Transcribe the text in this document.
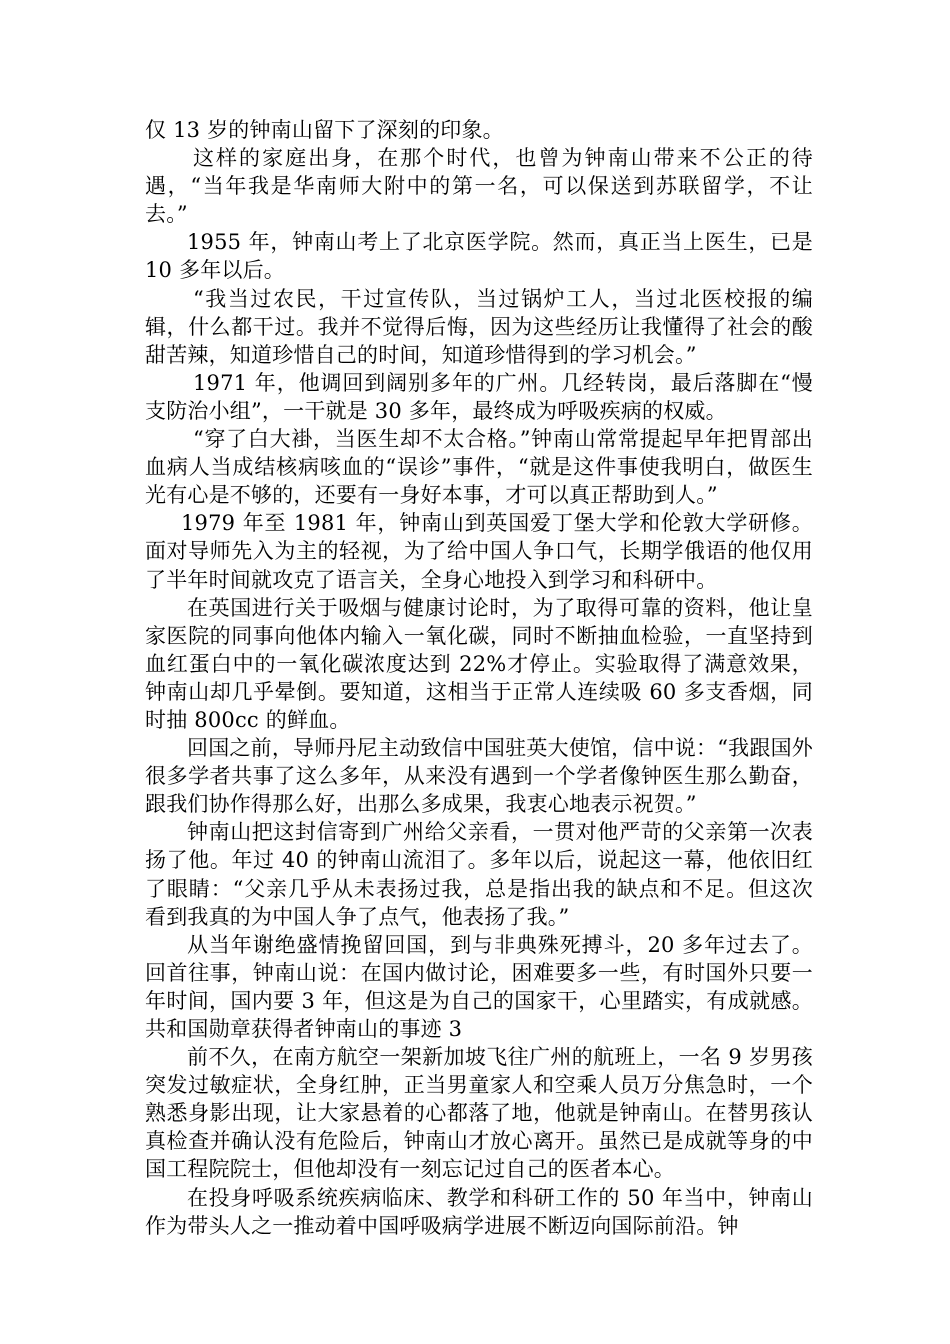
仅 13 岁的钟南山留下了深刻的印象。

这样的家庭出身，在那个时代，也曾为钟南山带来不公正的待遇，“当年我是华南师大附中的第一名，可以保送到苏联留学，不让去。”

1955 年，钟南山考上了北京医学院。然而，真正当上医生，已是 10 多年以后。

“我当过农民，干过宣传队，当过锅炉工人，当过北医校报的编辑，什么都干过。我并不觉得后悔，因为这些经历让我懂得了社会的酸甜苦辣，知道珍惜自己的时间，知道珍惜得到的学习机会。”

1971 年，他调回到阔别多年的广州。几经转岗，最后落脚在“慢支防治小组”，一干就是 30 多年，最终成为呼吸疾病的权威。

“穿了白大褂，当医生却不太合格。”钟南山常常提起早年把胃部出血病人当成结核病咳血的“误诊”事件，“就是这件事使我明白，做医生光有心是不够的，还要有一身好本事，才可以真正帮助到人。”

1979 年至 1981 年，钟南山到英国爱丁堡大学和伦敦大学研修。面对导师先入为主的轻视，为了给中国人争口气，长期学俄语的他仅用了半年时间就攻克了语言关，全身心地投入到学习和科研中。

在英国进行关于吸烟与健康讨论时，为了取得可靠的资料，他让皇家医院的同事向他体内输入一氧化碳，同时不断抽血检验，一直坚持到血红蛋白中的一氧化碳浓度达到 22%才停止。实验取得了满意效果，钟南山却几乎晕倒。要知道，这相当于正常人连续吸 60 多支香烟，同时抽 800cc 的鲜血。

回国之前，导师丹尼主动致信中国驻英大使馆，信中说：“我跟国外很多学者共事了这么多年，从来没有遇到一个学者像钟医生那么勤奋，跟我们协作得那么好，出那么多成果，我衷心地表示祝贺。”

钟南山把这封信寄到广州给父亲看，一贯对他严苛的父亲第一次表扬了他。年过 40 的钟南山流泪了。多年以后，说起这一幕，他依旧红了眼睛：“父亲几乎从未表扬过我，总是指出我的缺点和不足。但这次看到我真的为中国人争了点气，他表扬了我。”

从当年谢绝盛情挽留回国，到与非典殊死搏斗，20 多年过去了。回首往事，钟南山说：在国内做讨论，困难要多一些，有时国外只要一年时间，国内要 3 年，但这是为自己的国家干，心里踏实，有成就感。共和国勋章获得者钟南山的事迹 3

前不久，在南方航空一架新加坡飞往广州的航班上，一名 9 岁男孩突发过敏症状，全身红肿，正当男童家人和空乘人员万分焦急时，一个熟悉身影出现，让大家悬着的心都落了地，他就是钟南山。在替男孩认真检查并确认没有危险后，钟南山才放心离开。虽然已是成就等身的中国工程院院士，但他却没有一刻忘记过自己的医者本心。

在投身呼吸系统疾病临床、教学和科研工作的 50 年当中，钟南山作为带头人之一推动着中国呼吸病学进展不断迈向国际前沿。钟
